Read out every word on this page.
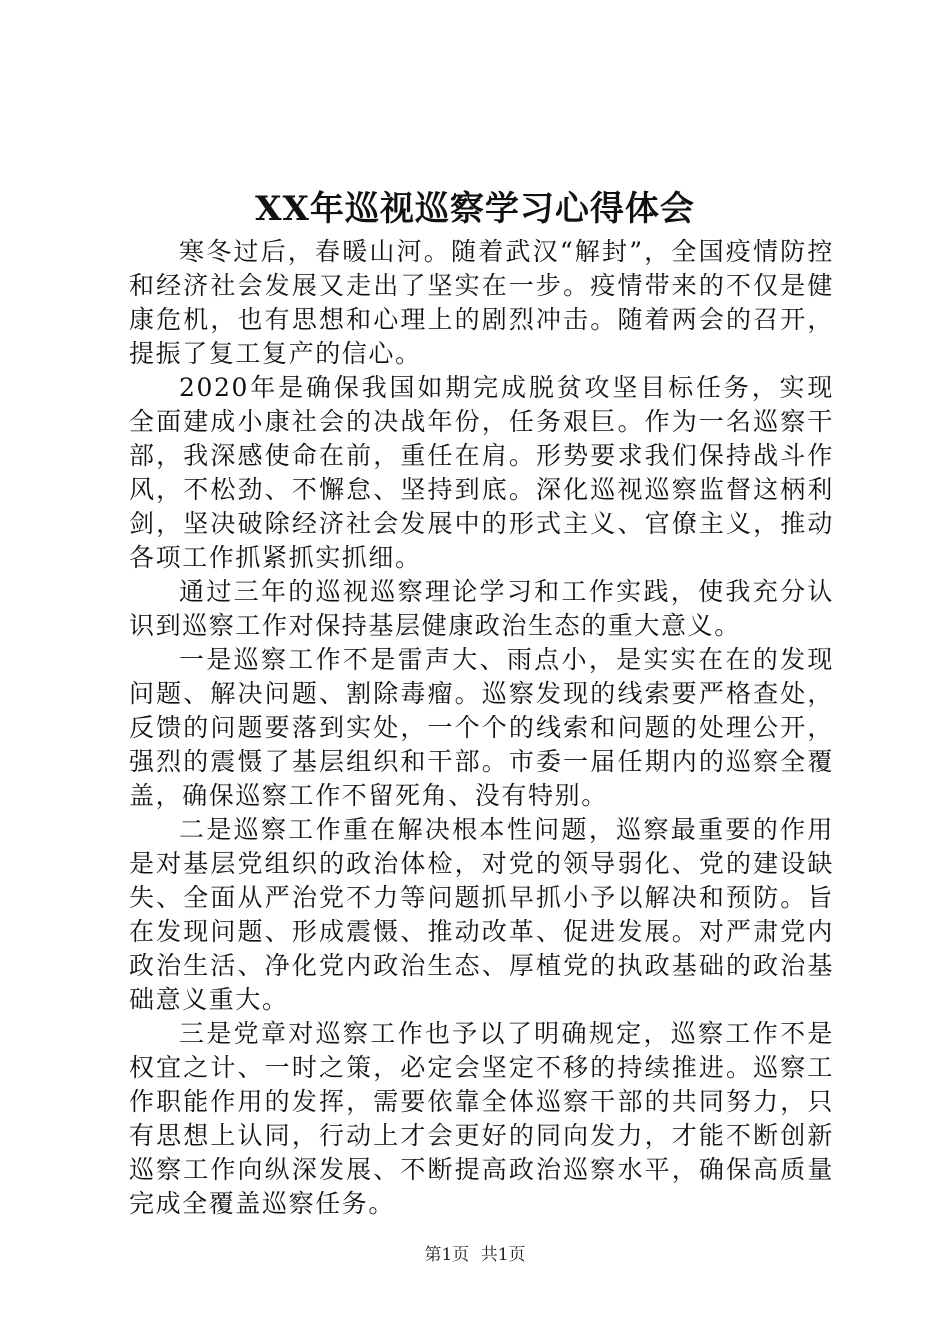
XX年巡视巡察学习心得体会

寒冬过后，春暖山河。随着武汉“解封”，全国疫情防控和经济社会发展又走出了坚实在一步。疫情带来的不仅是健康危机，也有思想和心理上的剧烈冲击。随着两会的召开，提振了复工复产的信心。

2020年是确保我国如期完成脱贫攻坚目标任务，实现全面建成小康社会的决战年份，任务艰巨。作为一名巡察干部，我深感使命在前，重任在肩。形势要求我们保持战斗作风，不松劲、不懈怠、坚持到底。深化巡视巡察监督这柄利剑，坚决破除经济社会发展中的形式主义、官僚主义，推动各项工作抓紧抓实抓细。

通过三年的巡视巡察理论学习和工作实践，使我充分认识到巡察工作对保持基层健康政治生态的重大意义。

一是巡察工作不是雷声大、雨点小，是实实在在的发现问题、解决问题、割除毒瘤。巡察发现的线索要严格查处，反馈的问题要落到实处，一个个的线索和问题的处理公开，强烈的震慑了基层组织和干部。市委一届任期内的巡察全覆盖，确保巡察工作不留死角、没有特别。

二是巡察工作重在解决根本性问题，巡察最重要的作用是对基层党组织的政治体检，对党的领导弱化、党的建设缺失、全面从严治党不力等问题抓早抓小予以解决和预防。旨在发现问题、形成震慑、推动改革、促进发展。对严肃党内政治生活、净化党内政治生态、厚植党的执政基础的政治基础意义重大。

三是党章对巡察工作也予以了明确规定，巡察工作不是权宜之计、一时之策，必定会坚定不移的持续推进。巡察工作职能作用的发挥，需要依靠全体巡察干部的共同努力，只有思想上认同，行动上才会更好的同向发力，才能不断创新巡察工作向纵深发展、不断提高政治巡察水平，确保高质量完成全覆盖巡察任务。

第1页 共1页
